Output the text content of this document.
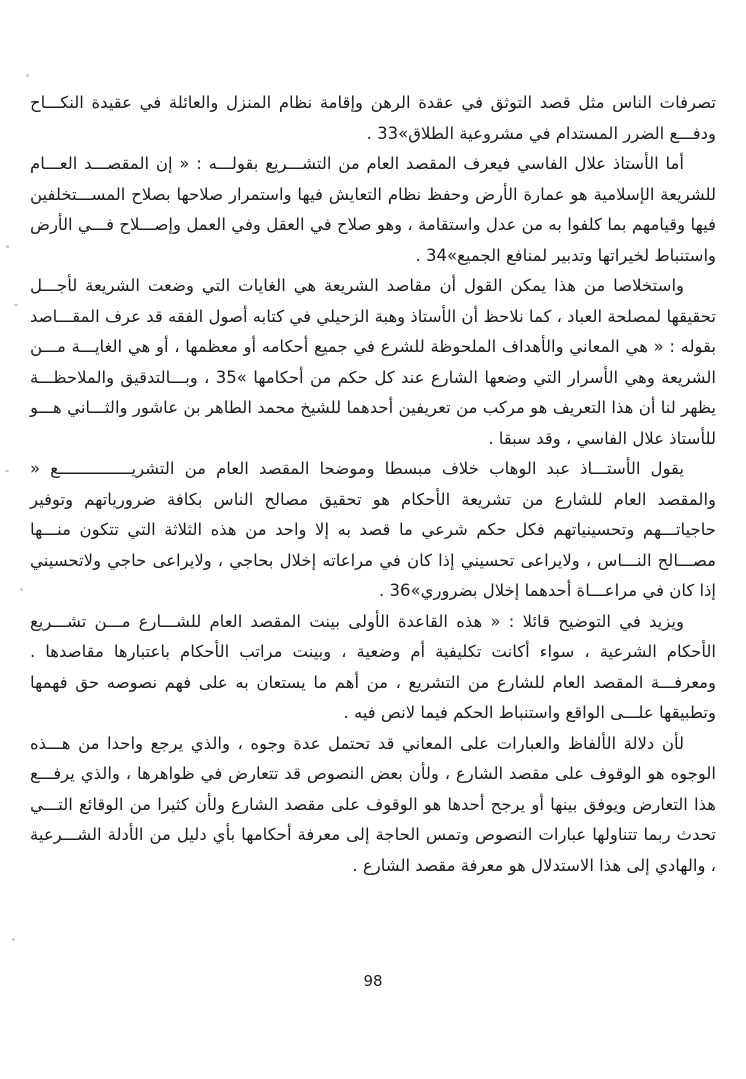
تصرفات الناس مثل قصد التوثق في عقدة الرهن وإقامة نظام المنزل والعائلة في عقيدة النكـــاح ودفـــع الضرر المستدام في مشروعية الطلاق»33 .

أما الأستاذ علال الفاسي فيعرف المقصد العام من التشـــريع بقولـــه : « إن المقصـــد العـــام للشريعة الإسلامية هو عمارة الأرض وحفظ نظام التعايش فيها واستمرار صلاحها بصلاح المســـتخلفين فيها وقيامهم بما كلفوا به من عدل واستقامة ، وهو صلاح في العقل وفي العمل وإصـــلاح فـــي الأرض واستنباط لخيراتها وتدبير لمنافع الجميع»34 .

واستخلاصا من هذا يمكن القول أن مقاصد الشريعة هي الغايات التي وضعت الشريعة لأجـــل تحقيقها لمصلحة العباد ، كما نلاحظ أن الأستاذ وهبة الزحيلي في كتابه أصول الفقه قد عرف المقـــاصد بقوله : « هي المعاني والأهداف الملحوظة للشرع في جميع أحكامه أو معظمها ، أو هي الغايـــة مـــن الشريعة وهي الأسرار التي وضعها الشارع عند كل حكم من أحكامها »35 ، وبـــالتدقيق والملاحظـــة يظهر لنا أن هذا التعريف هو مركب من تعريفين أحدهما للشيخ محمد الطاهر بن عاشور والثـــاني هـــو للأستاذ علال الفاسي ، وقد سبقا .

يقول الأستـــاذ عبد الوهاب خلاف مبسطا وموضحا المقصد العام من التشريـــــــــــــــع « والمقصد العام للشارع من تشريعة الأحكام هو تحقيق مصالح الناس بكافة ضرورياتهم وتوفير حاجياتـــهم وتحسينياتهم فكل حكم شرعي ما قصد به إلا واحد من هذه الثلاثة التي تتكون منـــها مصـــالح النـــاس ، ولايراعى تحسيني إذا كان في مراعاته إخلال بحاجي ، ولايراعى حاجي ولاتحسيني إذا كان في مراعـــاة أحدهما إخلال بضروري»36 .

ويزيد في التوضيح قائلا : « هذه القاعدة الأولى بينت المقصد العام للشـــارع مـــن تشـــريع الأحكام الشرعية ، سواء أكانت تكليفية أم وضعية ، وبينت مراتب الأحكام باعتبارها مقاصدها . ومعرفـــة المقصد العام للشارع من التشريع ، من أهم ما يستعان به على فهم نصوصه حق فهمها وتطبيقها علـــى الواقع واستنباط الحكم فيما لانص فيه .

لأن دلالة الألفاظ والعبارات على المعاني قد تحتمل عدة وجوه ، والذي يرجع واحدا من هـــذه الوجوه هو الوقوف على مقصد الشارع ، ولأن بعض النصوص قد تتعارض في ظواهرها ، والذي يرفـــع هذا التعارض ويوفق بينها أو يرجح أحدها هو الوقوف على مقصد الشارع ولأن كثيرا من الوقائع التـــي تحدث ربما تتناولها عبارات النصوص وتمس الحاجة إلى معرفة أحكامها بأي دليل من الأدلة الشـــرعية ، والهادي إلى هذا الاستدلال هو معرفة مقصد الشارع .

98
